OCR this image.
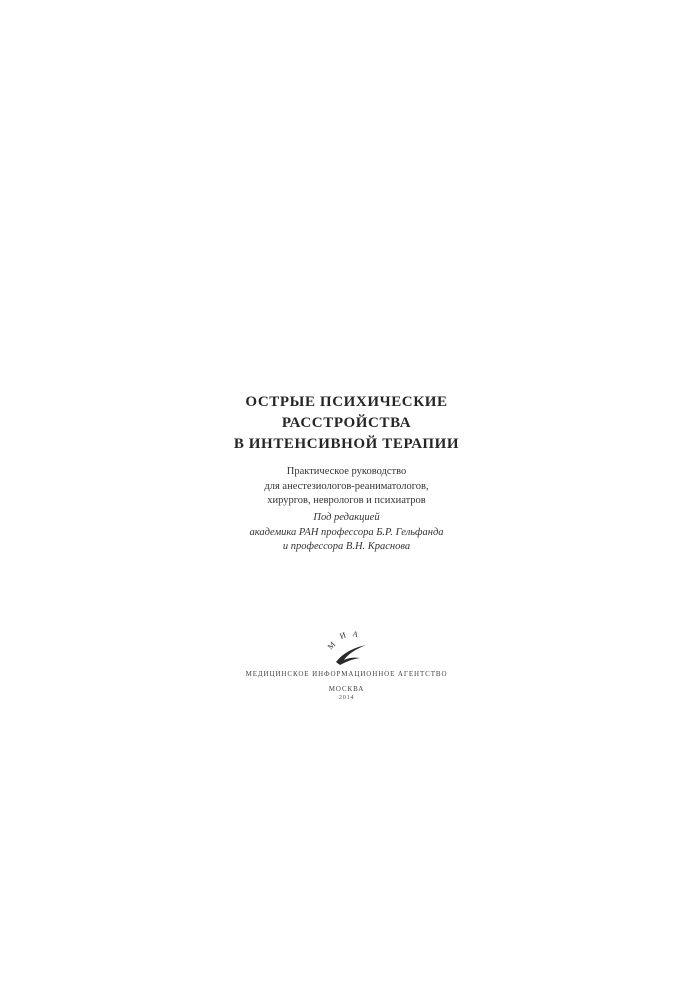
ОСТРЫЕ ПСИХИЧЕСКИЕ
РАССТРОЙСТВА
В ИНТЕНСИВНОЙ ТЕРАПИИ
Практическое руководство
для анестезиологов-реаниматологов,
хирургов, неврологов и психиатров
Под редакцией
академика РАН профессора Б.Р. Гельфанда
и профессора В.Н. Краснова
М
И А
МЕДИЦИНСКОЕ ИНФОРМАЦИОННОЕ АГЕНТСТВО
МОСКВА
2014
